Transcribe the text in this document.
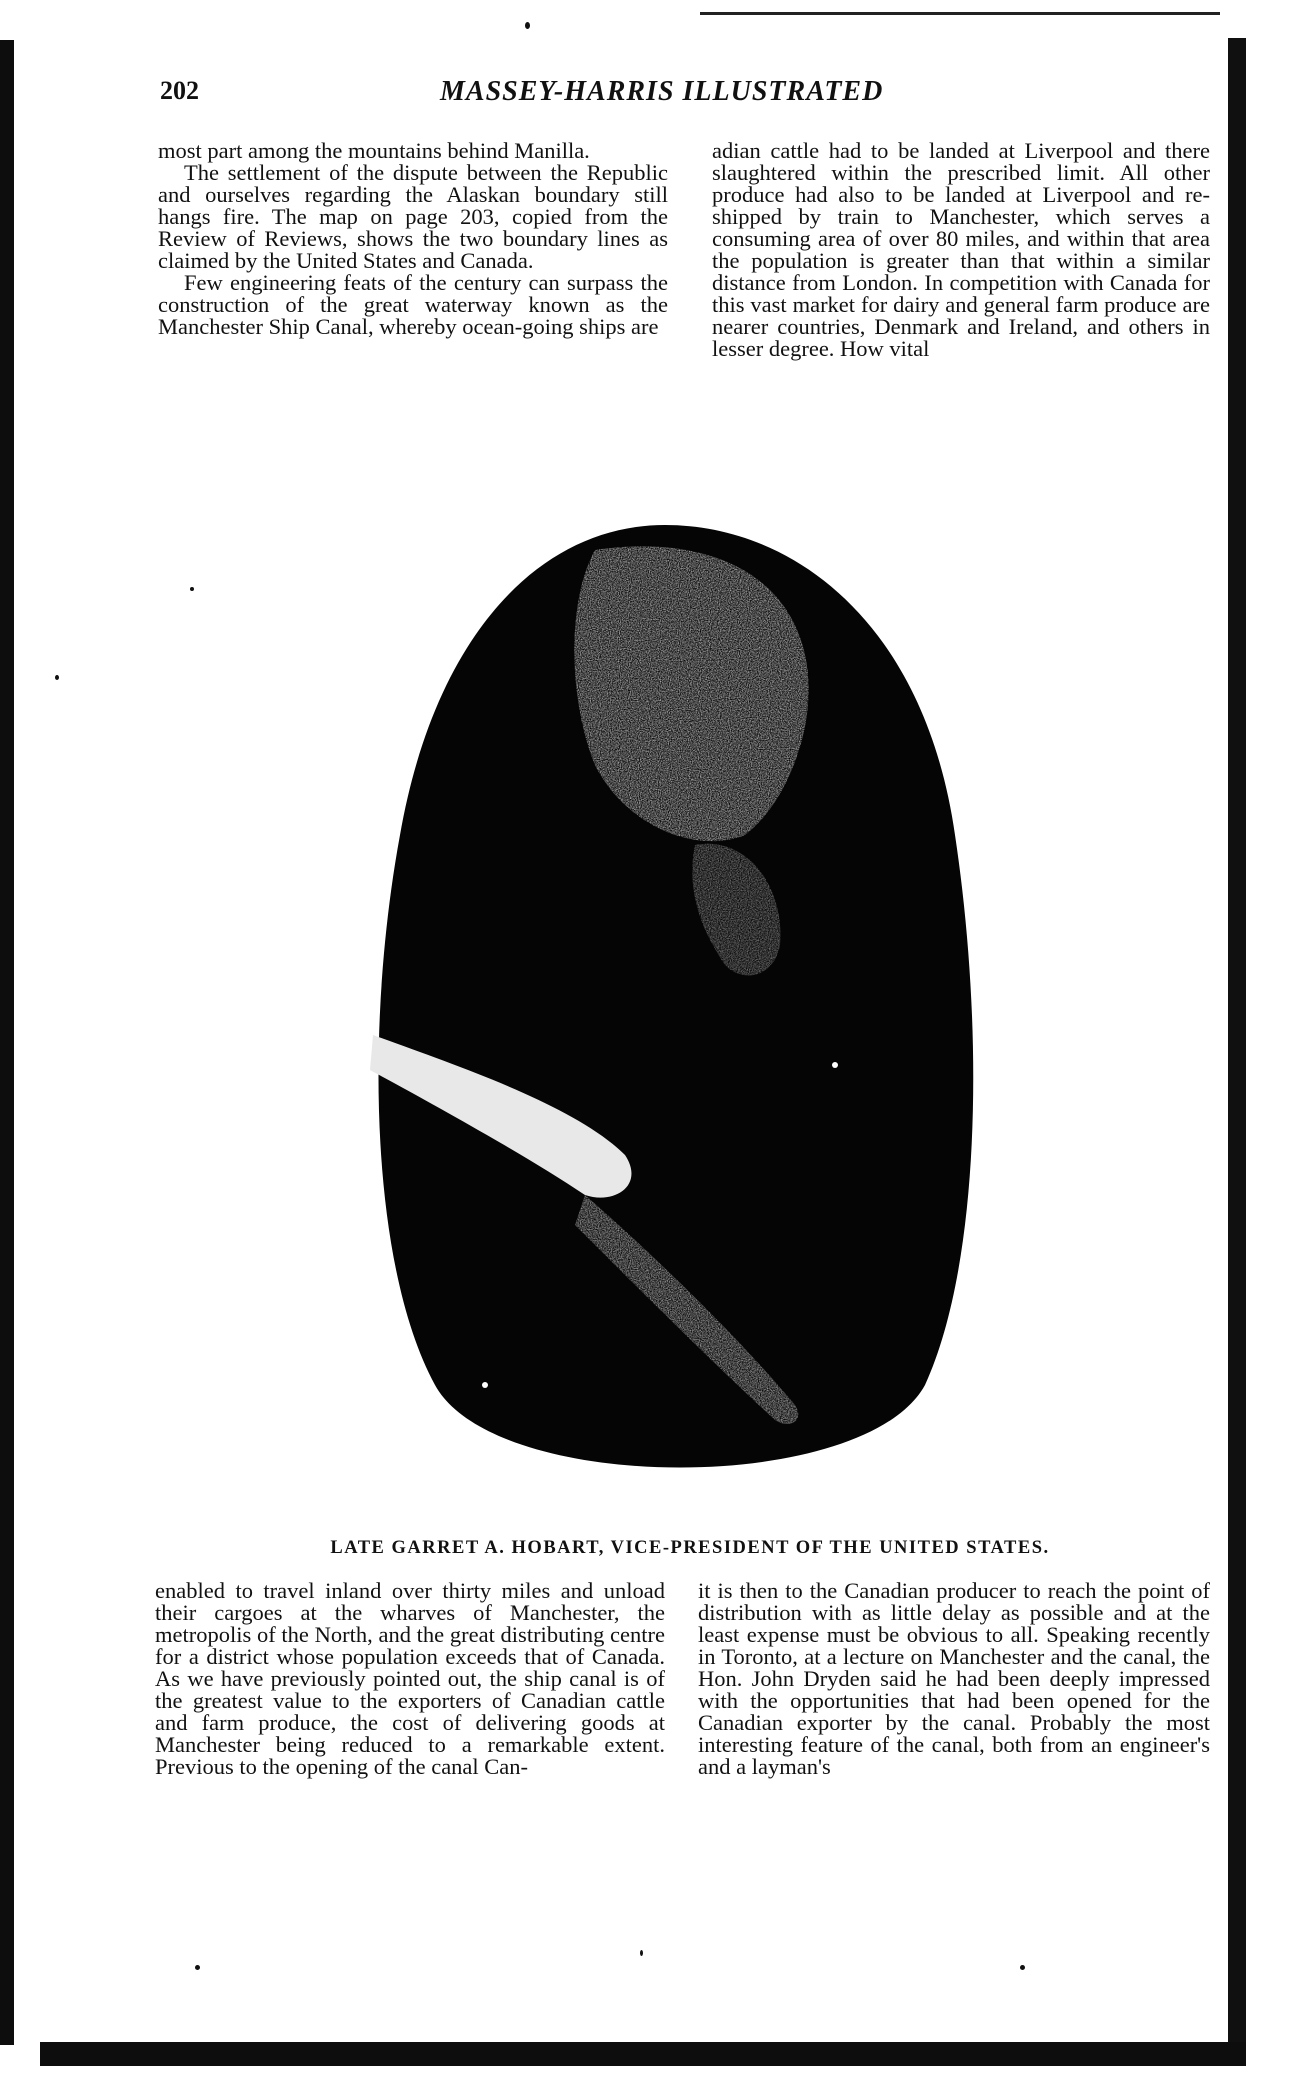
202	MASSEY-HARRIS ILLUSTRATED

most part among the mountains behind Manilla.

The settlement of the dispute between the Republic and ourselves regarding the Alaskan boundary still hangs fire. The map on page 203, copied from the Review of Reviews, shows the two boundary lines as claimed by the United States and Canada.

Few engineering feats of the century can surpass the construction of the great waterway known as the Manchester Ship Canal, whereby ocean-going ships are

adian cattle had to be landed at Liverpool and there slaughtered within the prescribed limit. All other produce had also to be landed at Liverpool and re-shipped by train to Manchester, which serves a consuming area of over 80 miles, and within that area the population is greater than that within a similar distance from London. In competition with Canada for this vast market for dairy and general farm produce are nearer countries, Denmark and Ireland, and others in lesser degree. How vital

LATE GARRET A. HOBART, VICE-PRESIDENT OF THE UNITED STATES.

enabled to travel inland over thirty miles and unload their cargoes at the wharves of Manchester, the metropolis of the North, and the great distributing centre for a district whose population exceeds that of Canada. As we have previously pointed out, the ship canal is of the greatest value to the exporters of Canadian cattle and farm produce, the cost of delivering goods at Manchester being reduced to a remarkable extent. Previous to the opening of the canal Can-

it is then to the Canadian producer to reach the point of distribution with as little delay as possible and at the least expense must be obvious to all. Speaking recently in Toronto, at a lecture on Manchester and the canal, the Hon. John Dryden said he had been deeply impressed with the opportunities that had been opened for the Canadian exporter by the canal. Probably the most interesting feature of the canal, both from an engineer's and a layman's
